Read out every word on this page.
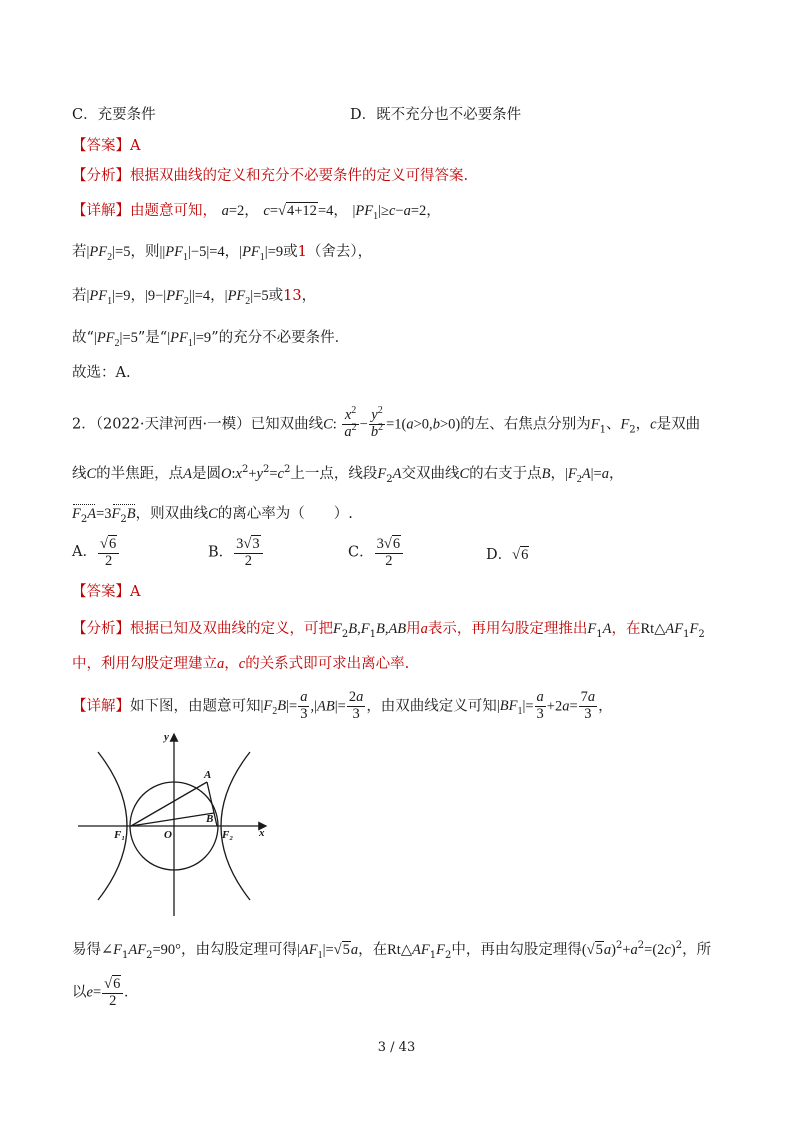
C．充要条件	D．既不充分也不必要条件
【答案】A
【分析】根据双曲线的定义和充分不必要条件的定义可得答案.
【详解】由题意可知， a=2， c=√4+12=4， $|PF_1|\ge c-a=2$，
若$|PF_2|=5$，则$||PF_1|-5|=4$，$|PF_1|=9$或1（舍去），
若$|PF_1|=9$，$|9-|PF_2||=4$，$|PF_2|=5$或13，
故“$|PF_2|=5$”是“$|PF_1|=9$”的充分不必要条件．
故选：A.
2．（2022·天津河西·一模）已知双曲线C: $\frac{x^2}{a^2} - \frac{y^2}{b^2} =1(a>0,b>0)$的左、右焦点分别为$F_1$、$F_2$，c是双曲
线C的半焦距，点A是圆$O:x^2+y^2=c^2$上一点，线段$F_2A$交双曲线C的右支于点B，$|F_2A|=a$，
$F_2A=3F_2B$，则双曲线C的离心率为（　　）.
A． $\frac{√6}{2}$	B． $\frac{3√3}{2}$	C． $\frac{3√6}{2}$	D．√6
【答案】A
【分析】根据已知及双曲线的定义，可把$F_2B,F_1B,AB$用a表示，再用勾股定理推出$F_1A$，在$Rt\triangle AF_1F_2$
中，利用勾股定理建立a，c的关系式即可求出离心率.
【详解】如下图，由题意可知$|F_2B|= \frac{a}{3} ,|AB|= \frac{2a}{3}$ ，由双曲线定义可知$|BF_1|= \frac{a}{3} +2a= \frac{7a}{3}$ ，
y
x
O
A
B
F₁	F₂
易得$\angle F_1AF_2=90^\circ$，由勾股定理可得$|AF_1|=√5a$，在$Rt\triangle AF_1F_2$中，再由勾股定理得$(√5a)^2+a^2=(2c)^2$，所
以$e= \frac{√6}{2}$ .
3 / 43
